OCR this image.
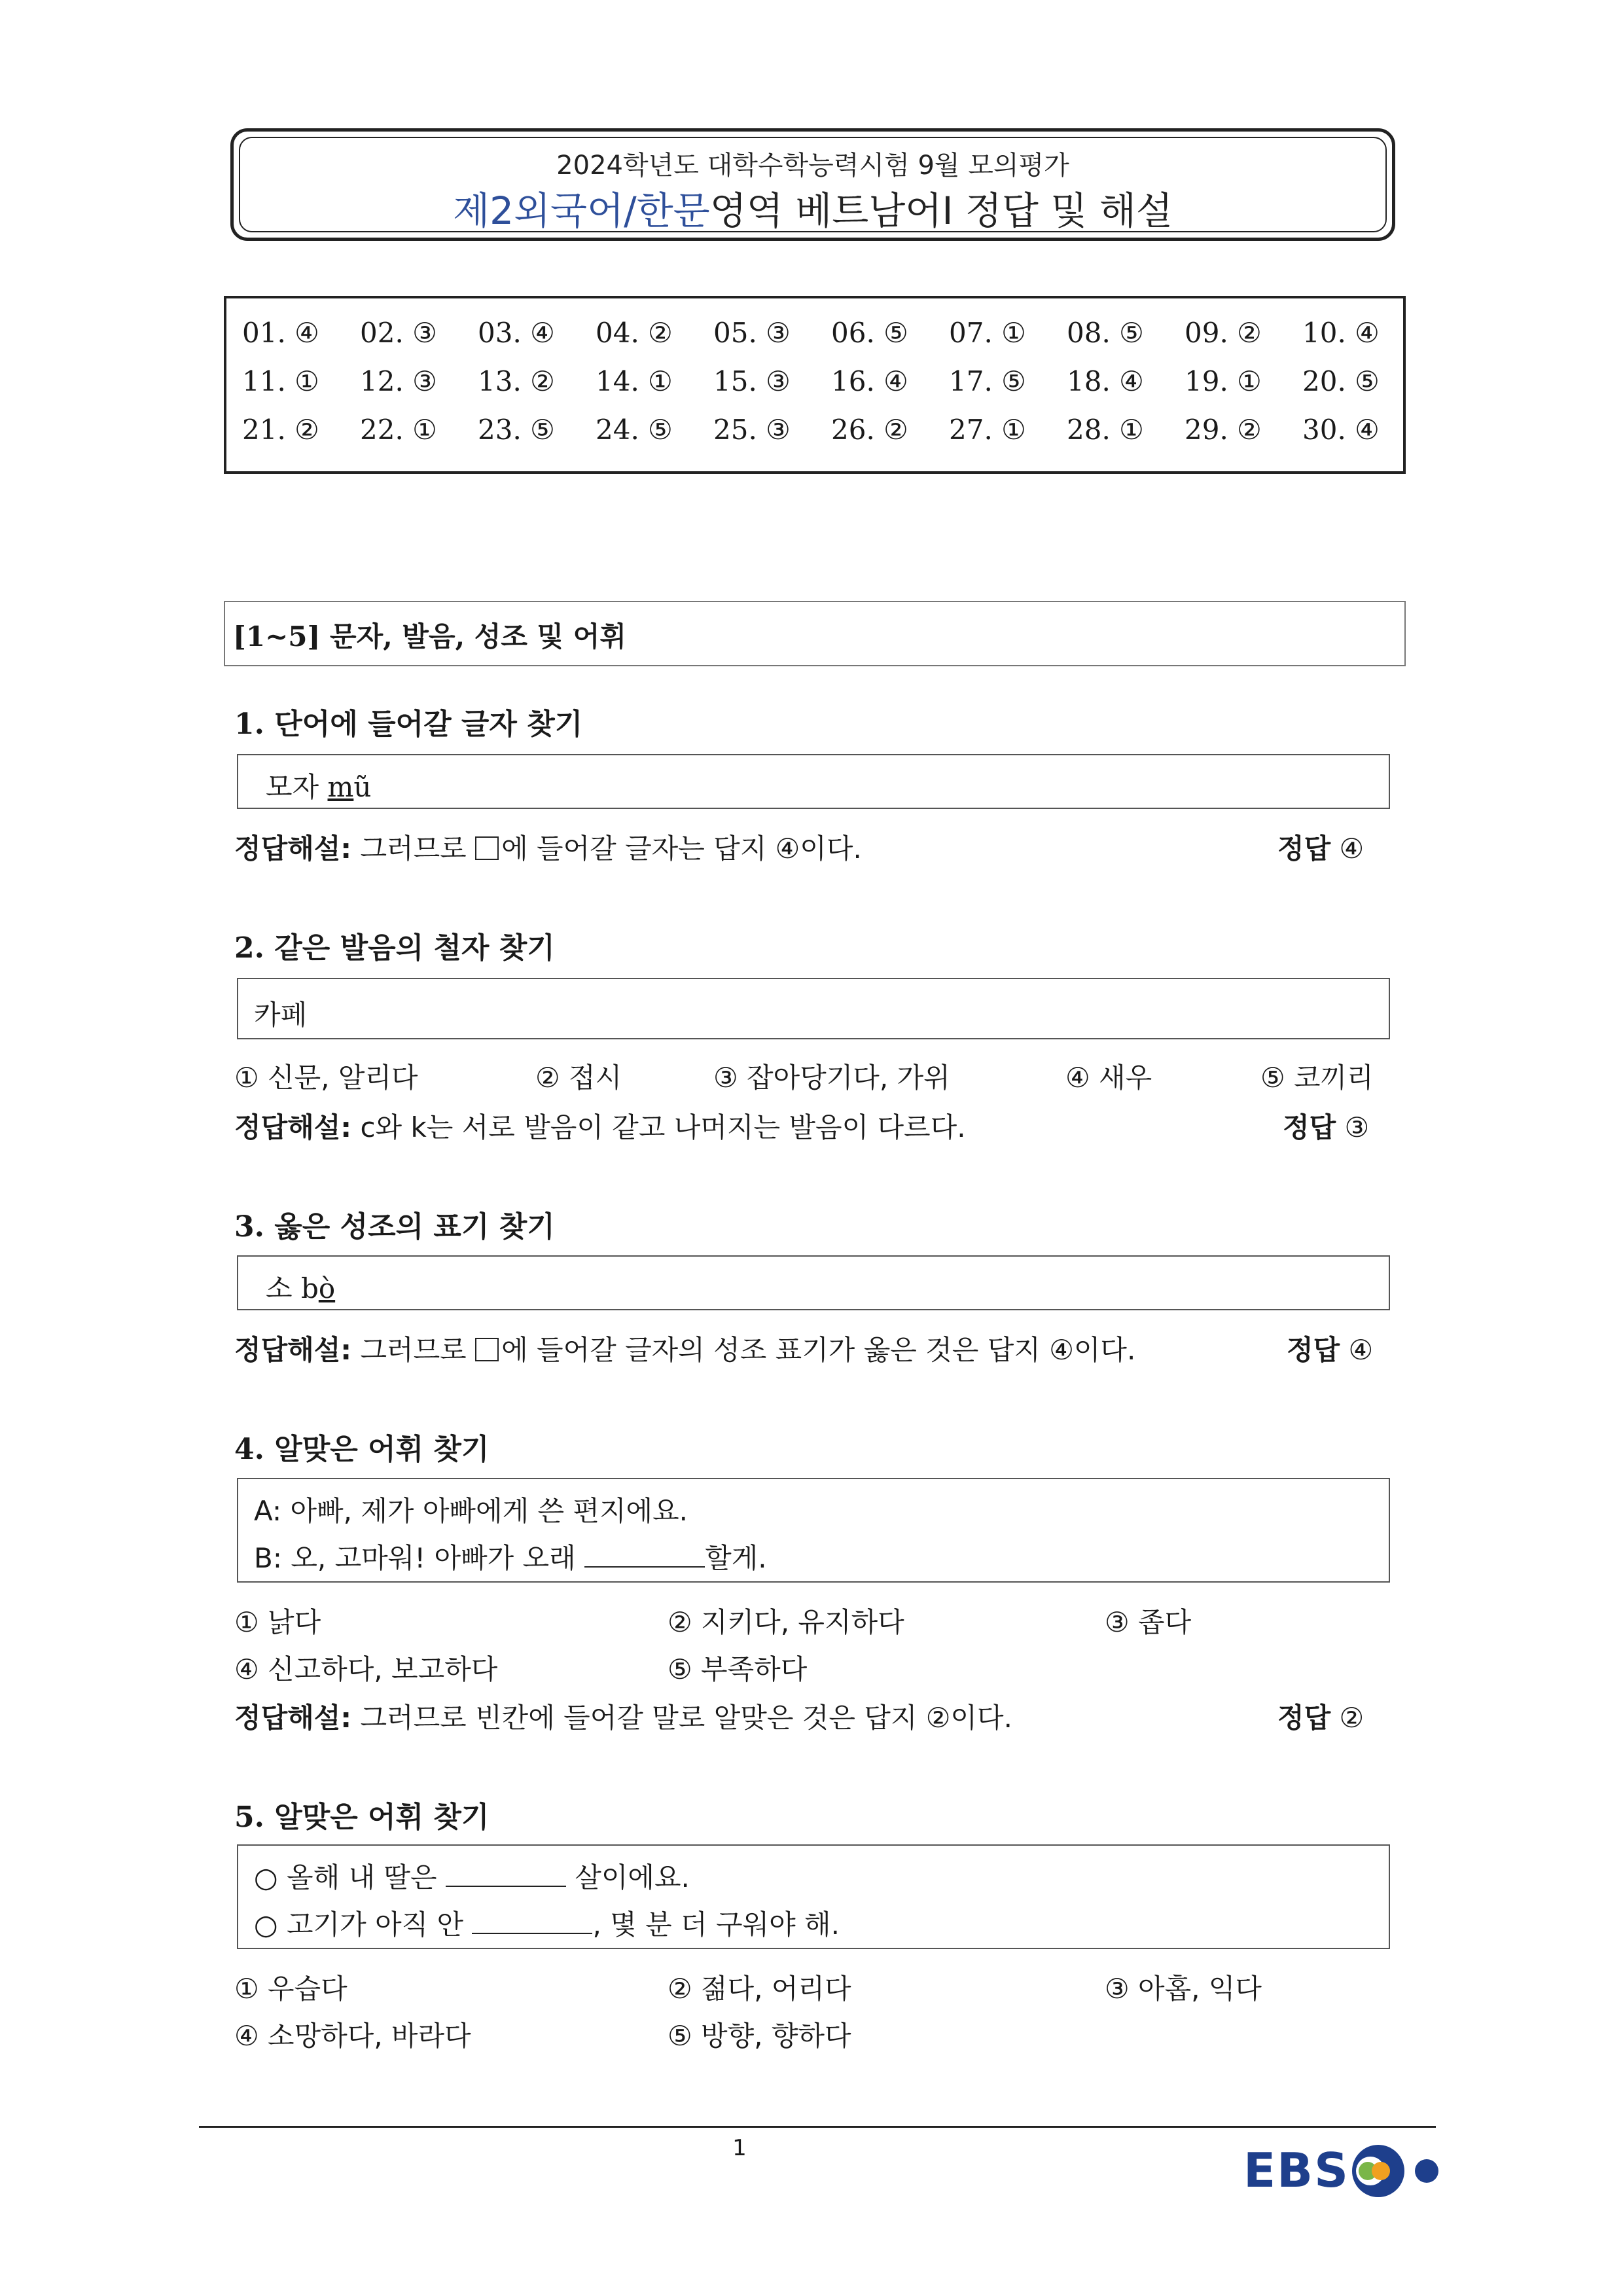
2024학년도 대학수학능력시험 9월 모의평가
제2외국어/한문영역 베트남어Ⅰ 정답 및 해설
01. ④	02. ③	03. ④	04. ②	05. ③	06. ⑤	07. ①	08. ⑤	09. ②	10. ④
11. ①	12. ③	13. ②	14. ①	15. ③	16. ④	17. ⑤	18. ④	19. ①	20. ⑤
21. ②	22. ①	23. ⑤	24. ⑤	25. ③	26. ②	27. ①	28. ①	29. ②	30. ④
[1~5] 문자, 발음, 성조 및 어휘
1. 단어에 들어갈 글자 찾기
모자 mũ
정답해설: 그러므로 에 들어갈 글자는 답지 ④이다.	정답 ④
2. 같은 발음의 철자 찾기
카페
① 신문, 알리다	② 접시	③ 잡아당기다, 가위	④ 새우	⑤ 코끼리
정답해설: c와 k는 서로 발음이 같고 나머지는 발음이 다르다.	정답 ③
3. 옳은 성조의 표기 찾기
소 bò
정답해설: 그러므로 에 들어갈 글자의 성조 표기가 옳은 것은 답지 ④이다.	정답 ④
4. 알맞은 어휘 찾기
A: 아빠, 제가 아빠에게 쓴 편지에요.
B: 오, 고마워! 아빠가 오래	할게.
① 낡다	② 지키다, 유지하다	③ 좁다
④ 신고하다, 보고하다	⑤ 부족하다
정답해설: 그러므로 빈칸에 들어갈 말로 알맞은 것은 답지 ②이다.	정답 ②
5. 알맞은 어휘 찾기
○ 올해 내 딸은	살이에요.
○ 고기가 아직 안	, 몇 분 더 구워야 해.
① 우습다	② 젊다, 어리다	③ 아홉, 익다
④ 소망하다, 바라다	⑤ 방향, 향하다
1	EBS
